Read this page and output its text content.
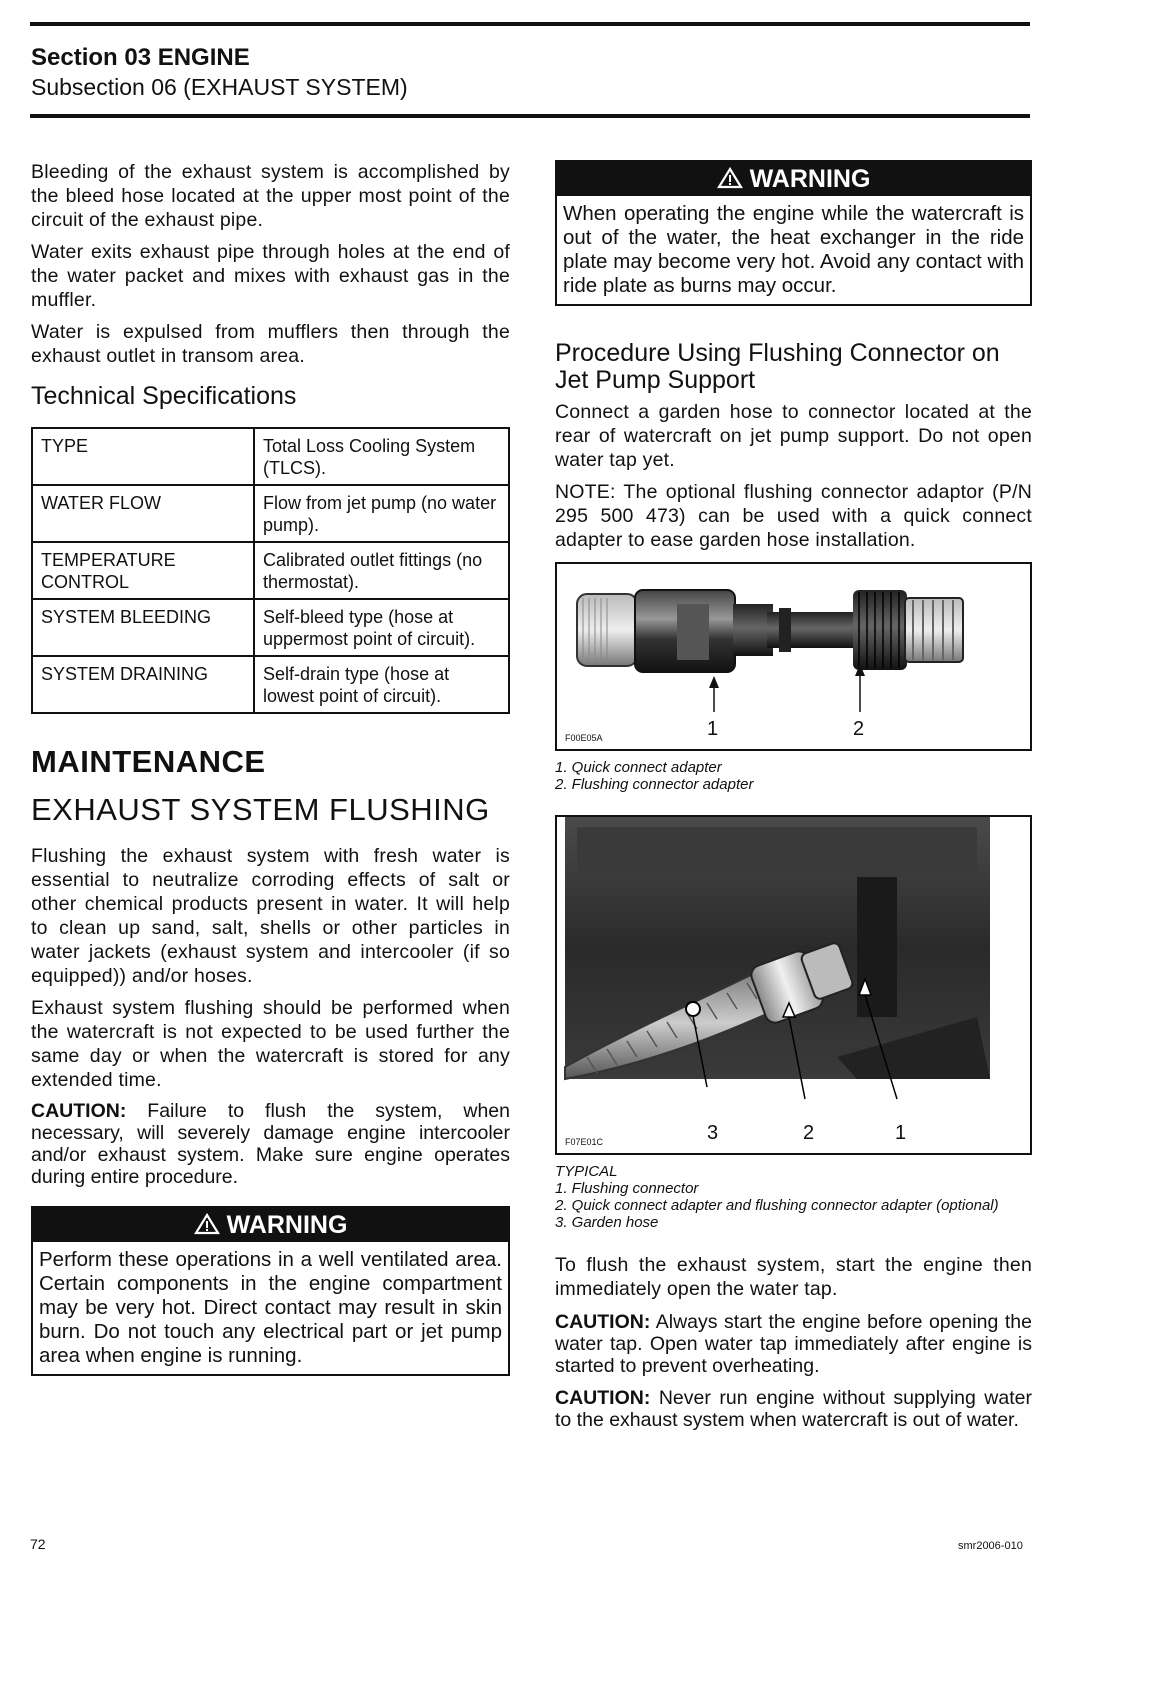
Section 03 ENGINE
Subsection 06 (EXHAUST SYSTEM)

Bleeding of the exhaust system is accomplished by the bleed hose located at the upper most point of the circuit of the exhaust pipe.

Water exits exhaust pipe through holes at the end of the water packet and mixes with exhaust gas in the muffler.

Water is expulsed from mufflers then through the exhaust outlet in transom area.

Technical Specifications
TYPE	Total Loss Cooling System (TLCS).
WATER FLOW	Flow from jet pump (no water pump).
TEMPERATURE CONTROL	Calibrated outlet fittings (no thermostat).
SYSTEM BLEEDING	Self-bleed type (hose at uppermost point of circuit).
SYSTEM DRAINING	Self-drain type (hose at lowest point of circuit).
MAINTENANCE
EXHAUST SYSTEM FLUSHING

Flushing the exhaust system with fresh water is essential to neutralize corroding effects of salt or other chemical products present in water. It will help to clean up sand, salt, shells or other particles in water jackets (exhaust system and intercooler (if so equipped)) and/or hoses.

Exhaust system flushing should be performed when the watercraft is not expected to be used further the same day or when the watercraft is stored for any extended time.

CAUTION: Failure to flush the system, when necessary, will severely damage engine intercooler and/or exhaust system. Make sure engine operates during entire procedure.

WARNING
Perform these operations in a well ventilated area. Certain components in the engine compartment may be very hot. Direct contact may result in skin burn. Do not touch any electrical part or jet pump area when engine is running.
WARNING
When operating the engine while the watercraft is out of the water, the heat exchanger in the ride plate may become very hot. Avoid any contact with ride plate as burns may occur.
Procedure Using Flushing Connector on Jet Pump Support

Connect a garden hose to connector located at the rear of watercraft on jet pump support. Do not open water tap yet.

NOTE: The optional flushing connector adaptor (P/N 295 500 473) can be used with a quick connect adapter to ease garden hose installation.

F00E05A	1	2
1. Quick connect adapter
2. Flushing connector adapter
F07E01C	3	2	1
TYPICAL
1. Flushing connector
2. Quick connect adapter and flushing connector adapter (optional)
3. Garden hose

To flush the exhaust system, start the engine then immediately open the water tap.

CAUTION: Always start the engine before opening the water tap. Open water tap immediately after engine is started to prevent overheating.

CAUTION: Never run engine without supplying water to the exhaust system when watercraft is out of water.

72	smr2006-010
